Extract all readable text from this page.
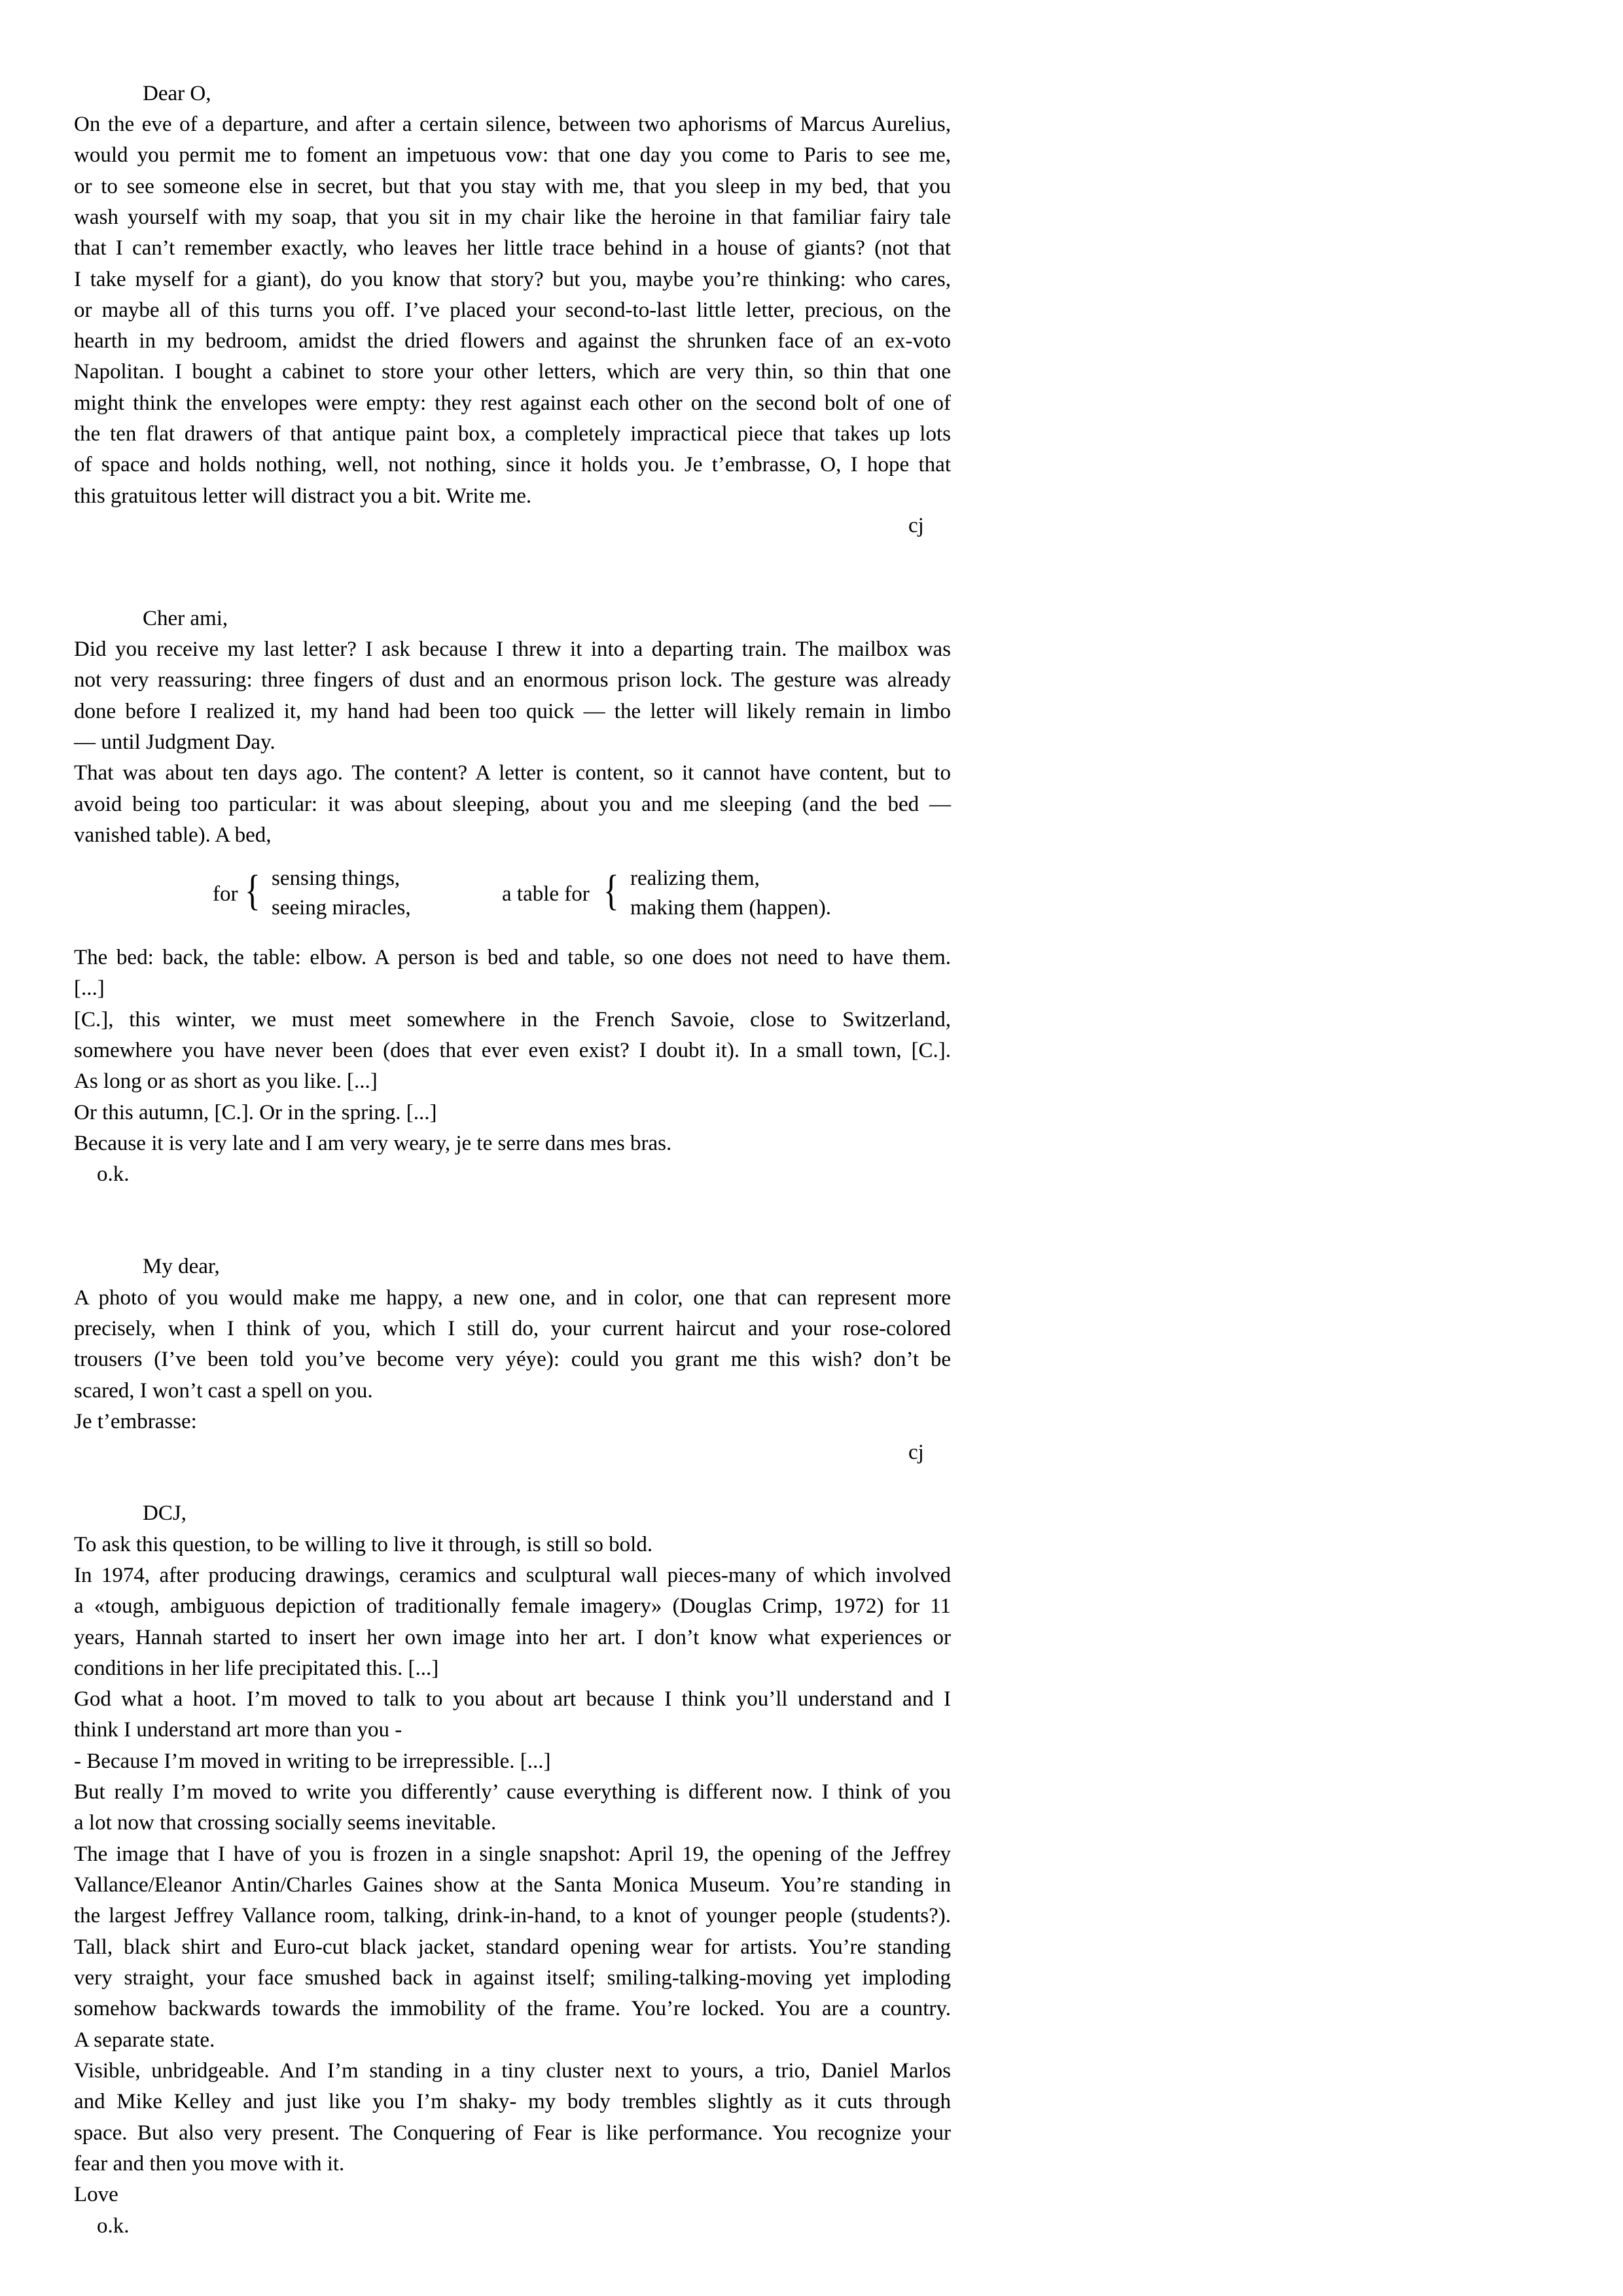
Dear O,
On the eve of a departure, and after a certain silence, between two aphorisms of Marcus Aurelius,
would you permit me to foment an impetuous vow: that one day you come to Paris to see me,
or to see someone else in secret, but that you stay with me, that you sleep in my bed, that you
wash yourself with my soap, that you sit in my chair like the heroine in that familiar fairy tale
that I can’t remember exactly, who leaves her little trace behind in a house of giants? (not that
I take myself for a giant), do you know that story? but you, maybe you’re thinking: who cares,
or maybe all of this turns you off. I’ve placed your second-to-last little letter, precious, on the
hearth in my bedroom, amidst the dried flowers and against the shrunken face of an ex-voto
Napolitan. I bought a cabinet to store your other letters, which are very thin, so thin that one
might think the envelopes were empty: they rest against each other on the second bolt of one of
the ten flat drawers of that antique paint box, a completely impractical piece that takes up lots
of space and holds nothing, well, not nothing, since it holds you. Je t’embrasse, O, I hope that
this gratuitous letter will distract you a bit. Write me.
cj
Cher ami,
Did you receive my last letter? I ask because I threw it into a departing train. The mailbox was
not very reassuring: three fingers of dust and an enormous prison lock. The gesture was already
done before I realized it, my hand had been too quick — the letter will likely remain in limbo
— until Judgment Day.
That was about ten days ago. The content? A letter is content, so it cannot have content, but to
avoid being too particular: it was about sleeping, about you and me sleeping (and the bed —
vanished table). A bed,
for { sensing things,
seeing miracles,
a table for { realizing them,
making them (happen).
The bed: back, the table: elbow. A person is bed and table, so one does not need to have them.
[...]
[C.], this winter, we must meet somewhere in the French Savoie, close to Switzerland,
somewhere you have never been (does that ever even exist? I doubt it). In a small town, [C.].
As long or as short as you like. [...]
Or this autumn, [C.]. Or in the spring. [...]
Because it is very late and I am very weary, je te serre dans mes bras.
o.k.
My dear,
A photo of you would make me happy, a new one, and in color, one that can represent more
precisely, when I think of you, which I still do, your current haircut and your rose-colored
trousers (I’ve been told you’ve become very yéye): could you grant me this wish? don’t be
scared, I won’t cast a spell on you.
Je t’embrasse:
cj
DCJ,
To ask this question, to be willing to live it through, is still so bold.
In 1974, after producing drawings, ceramics and sculptural wall pieces-many of which involved
a «tough, ambiguous depiction of traditionally female imagery» (Douglas Crimp, 1972) for 11
years, Hannah started to insert her own image into her art. I don’t know what experiences or
conditions in her life precipitated this. [...]
God what a hoot. I’m moved to talk to you about art because I think you’ll understand and I
think I understand art more than you -
- Because I’m moved in writing to be irrepressible. [...]
But really I’m moved to write you differently’ cause everything is different now. I think of you
a lot now that crossing socially seems inevitable.
The image that I have of you is frozen in a single snapshot: April 19, the opening of the Jeffrey
Vallance/Eleanor Antin/Charles Gaines show at the Santa Monica Museum. You’re standing in
the largest Jeffrey Vallance room, talking, drink-in-hand, to a knot of younger people (students?).
Tall, black shirt and Euro-cut black jacket, standard opening wear for artists. You’re standing
very straight, your face smushed back in against itself; smiling-talking-moving yet imploding
somehow backwards towards the immobility of the frame. You’re locked. You are a country.
A separate state.
Visible, unbridgeable. And I’m standing in a tiny cluster next to yours, a trio, Daniel Marlos
and Mike Kelley and just like you I’m shaky- my body trembles slightly as it cuts through
space. But also very present. The Conquering of Fear is like performance. You recognize your
fear and then you move with it.
Love
o.k.
